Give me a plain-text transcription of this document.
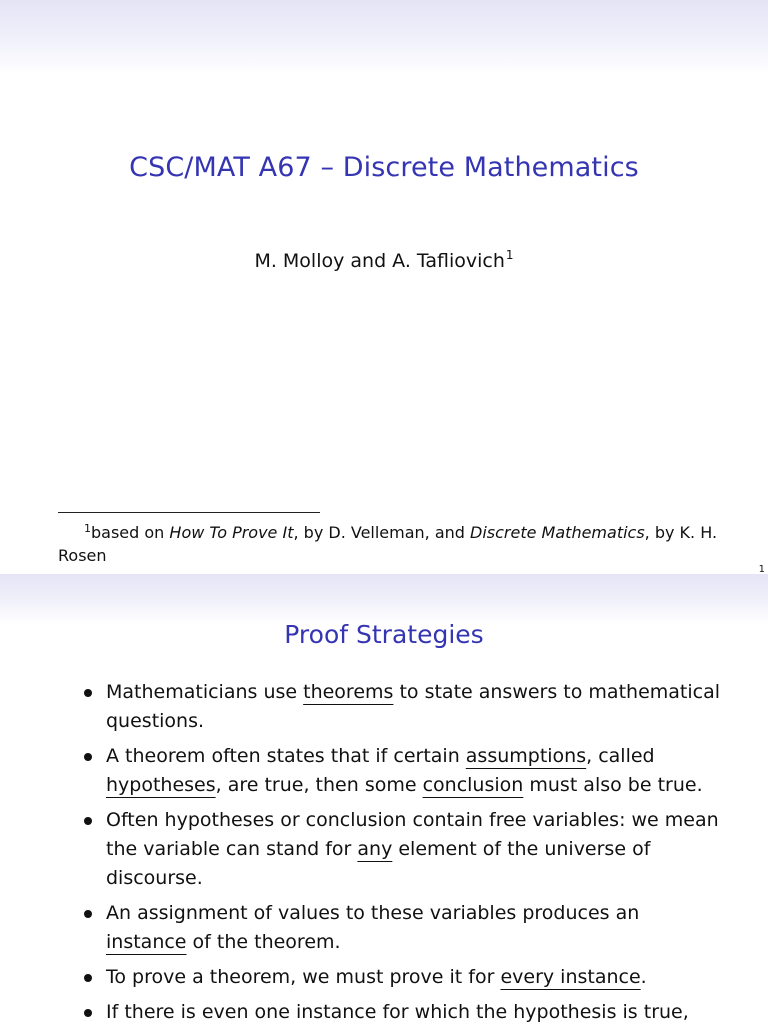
CSC/MAT A67 – Discrete Mathematics
M. Molloy and A. Tafliovich$^1$
$^1$based on How To Prove It, by D. Velleman, and Discrete Mathematics, by K. H. Rosen
1
Proof Strategies
Mathematicians use theorems to state answers to mathematical questions.
A theorem often states that if certain assumptions, called hypotheses, are true, then some conclusion must also be true.
Often hypotheses or conclusion contain free variables: we mean the variable can stand for any element of the universe of discourse.
An assignment of values to these variables produces an instance of the theorem.
To prove a theorem, we must prove it for every instance.
If there is even one instance for which the hypothesis is true,
